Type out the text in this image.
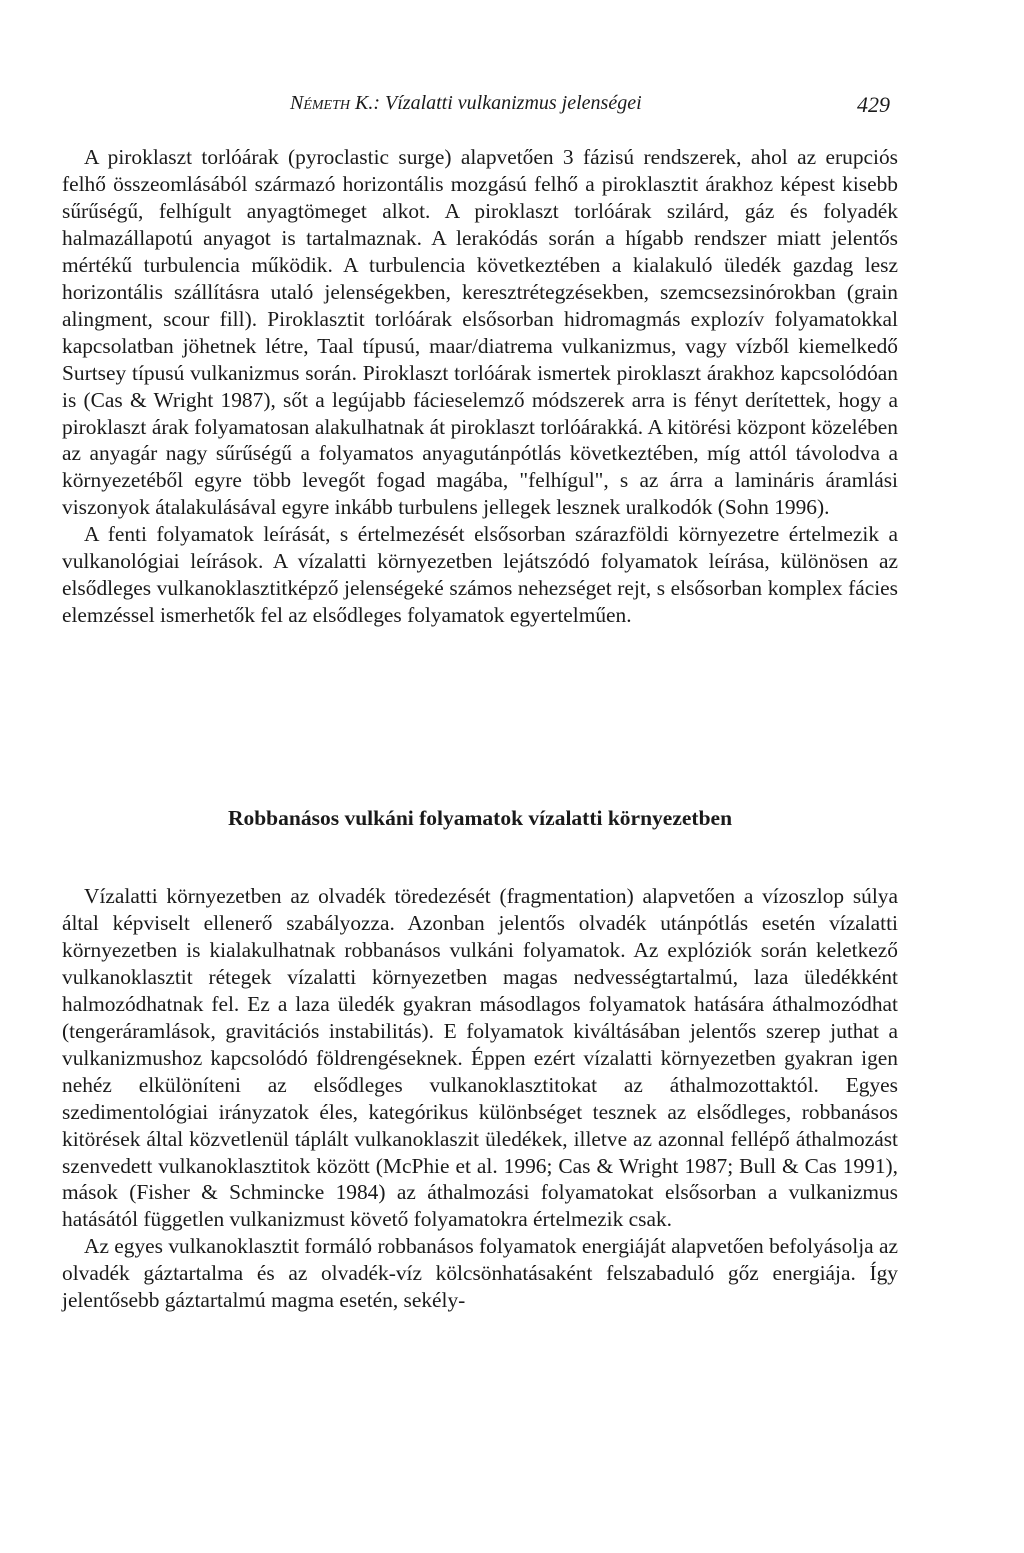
Németh K.: Vízalatti vulkanizmus jelenségei	429

A piroklaszt torlóárak (pyroclastic surge) alapvetően 3 fázisú rendszerek, ahol az erupciós felhő összeomlásából származó horizontális mozgású felhő a piroklasztit árakhoz képest kisebb sűrűségű, felhígult anyagtömeget alkot. A piroklaszt torlóárak szilárd, gáz és folyadék halmazállapotú anyagot is tartalmaznak. A lerakódás során a hígabb rendszer miatt jelentős mértékű turbulencia működik. A turbulencia következtében a kialakuló üledék gazdag lesz horizontális szállításra utaló jelenségekben, keresztrétegzésekben, szemcsezsinórokban (grain alingment, scour fill). Piroklasztit torlóárak elsősorban hidromagmás explozív folyamatokkal kapcsolatban jöhetnek létre, Taal típusú, maar/diatrema vulkanizmus, vagy vízből kiemelkedő Surtsey típusú vulkanizmus során. Piroklaszt torlóárak ismertek piroklaszt árakhoz kapcsolódóan is (Cas & Wright 1987), sőt a legújabb fácieselemző módszerek arra is fényt derítettek, hogy a piroklaszt árak folyamatosan alakulhatnak át piroklaszt torlóárakká. A kitörési központ közelében az anyagár nagy sűrűségű a folyamatos anyagutánpótlás következtében, míg attól távolodva a környezetéből egyre több levegőt fogad magába, "felhígul", s az árra a lamináris áramlási viszonyok átalakulásával egyre inkább turbulens jellegek lesznek uralkodók (Sohn 1996).

A fenti folyamatok leírását, s értelmezését elsősorban szárazföldi környezetre értelmezik a vulkanológiai leírások. A vízalatti környezetben lejátszódó folyamatok leírása, különösen az elsődleges vulkanoklasztitképző jelenségeké számos nehezséget rejt, s elsősorban komplex fácies elemzéssel ismerhetők fel az elsődleges folyamatok egyertelműen.

Robbanásos vulkáni folyamatok vízalatti környezetben

Vízalatti környezetben az olvadék töredezését (fragmentation) alapvetően a vízoszlop súlya által képviselt ellenerő szabályozza. Azonban jelentős olvadék utánpótlás esetén vízalatti környezetben is kialakulhatnak robbanásos vulkáni folyamatok. Az explóziók során keletkező vulkanoklasztit rétegek vízalatti környezetben magas nedvességtartalmú, laza üledékként halmozódhatnak fel. Ez a laza üledék gyakran másodlagos folyamatok hatására áthalmozódhat (tengeráramlások, gravitációs instabilitás). E folyamatok kiváltásában jelentős szerep juthat a vulkanizmushoz kapcsolódó földrengéseknek. Éppen ezért vízalatti környezetben gyakran igen nehéz elkülöníteni az elsődleges vulkanoklasztitokat az áthalmozottaktól. Egyes szedimentológiai irányzatok éles, kategórikus különbséget tesznek az elsődleges, robbanásos kitörések által közvetlenül táplált vulkanoklaszit üledékek, illetve az azonnal fellépő áthalmozást szenvedett vulkanoklasztitok között (McPhie et al. 1996; Cas & Wright 1987; Bull & Cas 1991), mások (Fisher & Schmincke 1984) az áthalmozási folyamatokat elsősorban a vulkanizmus hatásától független vulkanizmust követő folyamatokra értelmezik csak.

Az egyes vulkanoklasztit formáló robbanásos folyamatok energiáját alapvetően befolyásolja az olvadék gáztartalma és az olvadék-víz kölcsönhatásaként felszabaduló gőz energiája. Így jelentősebb gáztartalmú magma esetén, sekély-
